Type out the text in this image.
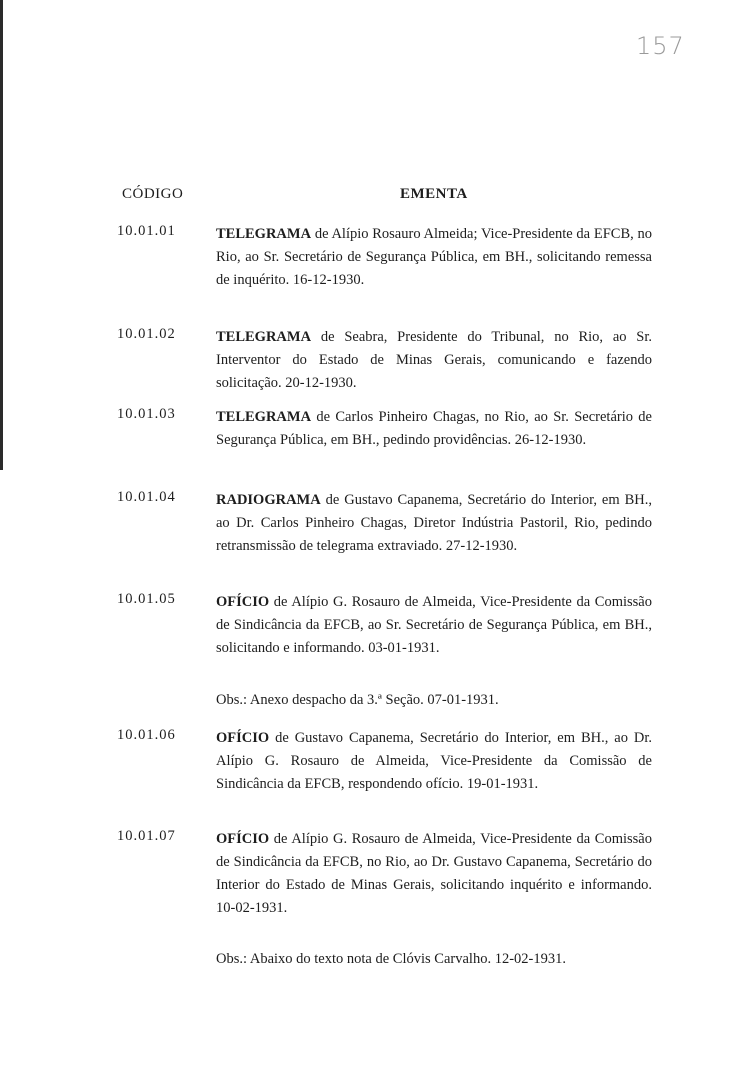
157
CÓDIGO	EMENTA
10.01.01	TELEGRAMA de Alípio Rosauro Almeida; Vice-Presidente da EFCB, no Rio, ao Sr. Secretário de Segurança Pública, em BH., solicitando remessa de inquérito. 16-12-1930.
10.01.02	TELEGRAMA de Seabra, Presidente do Tribunal, no Rio, ao Sr. Interventor do Estado de Minas Gerais, comunicando e fazendo solicitação. 20-12-1930.
10.01.03	TELEGRAMA de Carlos Pinheiro Chagas, no Rio, ao Sr. Secretário de Segurança Pública, em BH., pedindo providências. 26-12-1930.
10.01.04	RADIOGRAMA de Gustavo Capanema, Secretário do Interior, em BH., ao Dr. Carlos Pinheiro Chagas, Diretor Indústria Pastoril, Rio, pedindo retransmissão de telegrama extraviado. 27-12-1930.
10.01.05	OFÍCIO de Alípio G. Rosauro de Almeida, Vice-Presidente da Comissão de Sindicância da EFCB, ao Sr. Secretário de Segurança Pública, em BH., solicitando e informando. 03-01-1931.
Obs.: Anexo despacho da 3.ª Seção. 07-01-1931.
10.01.06	OFÍCIO de Gustavo Capanema, Secretário do Interior, em BH., ao Dr. Alípio G. Rosauro de Almeida, Vice-Presidente da Comissão de Sindicância da EFCB, respondendo ofício. 19-01-1931.
10.01.07	OFÍCIO de Alípio G. Rosauro de Almeida, Vice-Presidente da Comissão de Sindicância da EFCB, no Rio, ao Dr. Gustavo Capanema, Secretário do Interior do Estado de Minas Gerais, solicitando inquérito e informando. 10-02-1931.
Obs.: Abaixo do texto nota de Clóvis Carvalho. 12-02-1931.
